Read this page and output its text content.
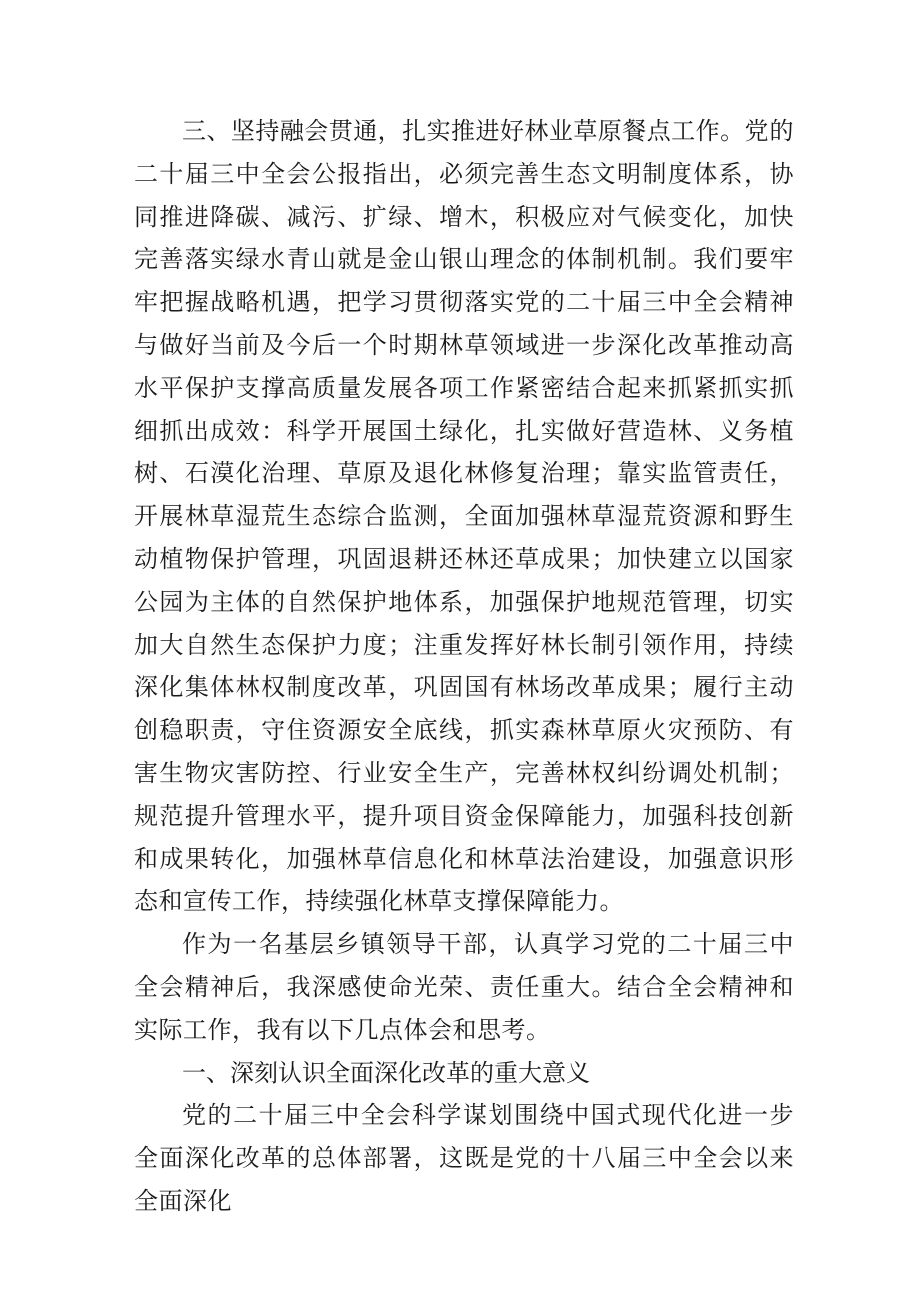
三、坚持融会贯通，扎实推进好林业草原餐点工作。党的二十届三中全会公报指出，必须完善生态文明制度体系，协同推进降碳、减污、扩绿、增木，积极应对气候变化，加快完善落实绿水青山就是金山银山理念的体制机制。我们要牢牢把握战略机遇，把学习贯彻落实党的二十届三中全会精神与做好当前及今后一个时期林草领域进一步深化改革推动高水平保护支撑高质量发展各项工作紧密结合起来抓紧抓实抓细抓出成效：科学开展国土绿化，扎实做好营造林、义务植树、石漠化治理、草原及退化林修复治理；靠实监管责任，开展林草湿荒生态综合监测，全面加强林草湿荒资源和野生动植物保护管理，巩固退耕还林还草成果；加快建立以国家公园为主体的自然保护地体系，加强保护地规范管理，切实加大自然生态保护力度；注重发挥好林长制引领作用，持续深化集体林权制度改革，巩固国有林场改革成果；履行主动创稳职责，守住资源安全底线，抓实森林草原火灾预防、有害生物灾害防控、行业安全生产，完善林权纠纷调处机制；规范提升管理水平，提升项目资金保障能力，加强科技创新和成果转化，加强林草信息化和林草法治建设，加强意识形态和宣传工作，持续强化林草支撑保障能力。

作为一名基层乡镇领导干部，认真学习党的二十届三中全会精神后，我深感使命光荣、责任重大。结合全会精神和实际工作，我有以下几点体会和思考。

一、深刻认识全面深化改革的重大意义

党的二十届三中全会科学谋划围绕中国式现代化进一步全面深化改革的总体部署，这既是党的十八届三中全会以来全面深化
